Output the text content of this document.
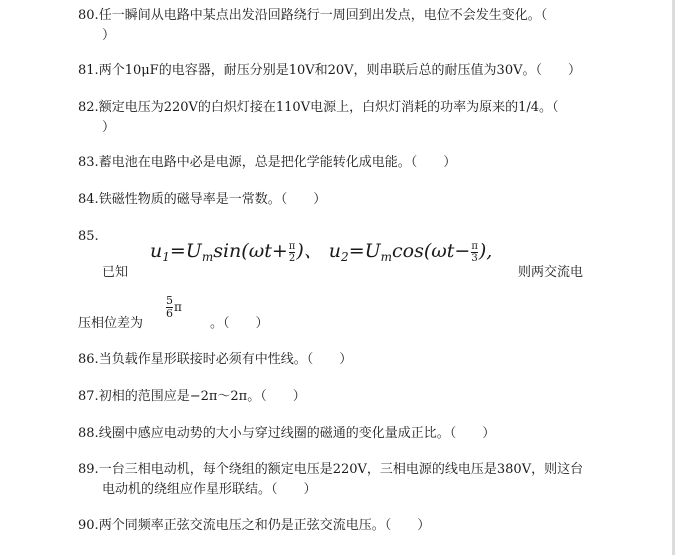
80.任一瞬间从电路中某点出发沿回路绕行一周回到出发点，电位不会发生变化。（
）
81.两个10μF的电容器，耐压分别是10V和20V，则串联后总的耐压值为30V。（　　）
82.额定电压为220V的白炽灯接在110V电源上，白炽灯消耗的功率为原来的1/4。（
）
83.蓄电池在电路中必是电源，总是把化学能转化成电能。（　　）
84.铁磁性物质的磁导率是一常数。（　　）
85.
$u_1=U_m\sin(\omega t+\frac{\pi}{2}$ )、 $u_2=U_m\cos(\omega t-\frac{\pi}{3}$ ),
已知	则两交流电
压相位差为
$\frac{5}{6}$ π
。（　　）
86.当负载作星形联接时必须有中性线。（　　）
87.初相的范围应是−2π～2π。（　　）
88.线圈中感应电动势的大小与穿过线圈的磁通的变化量成正比。（　　）
89.一台三相电动机，每个绕组的额定电压是220V，三相电源的线电压是380V，则这台
电动机的绕组应作星形联结。（　　）
90.两个同频率正弦交流电压之和仍是正弦交流电压。（　　）
